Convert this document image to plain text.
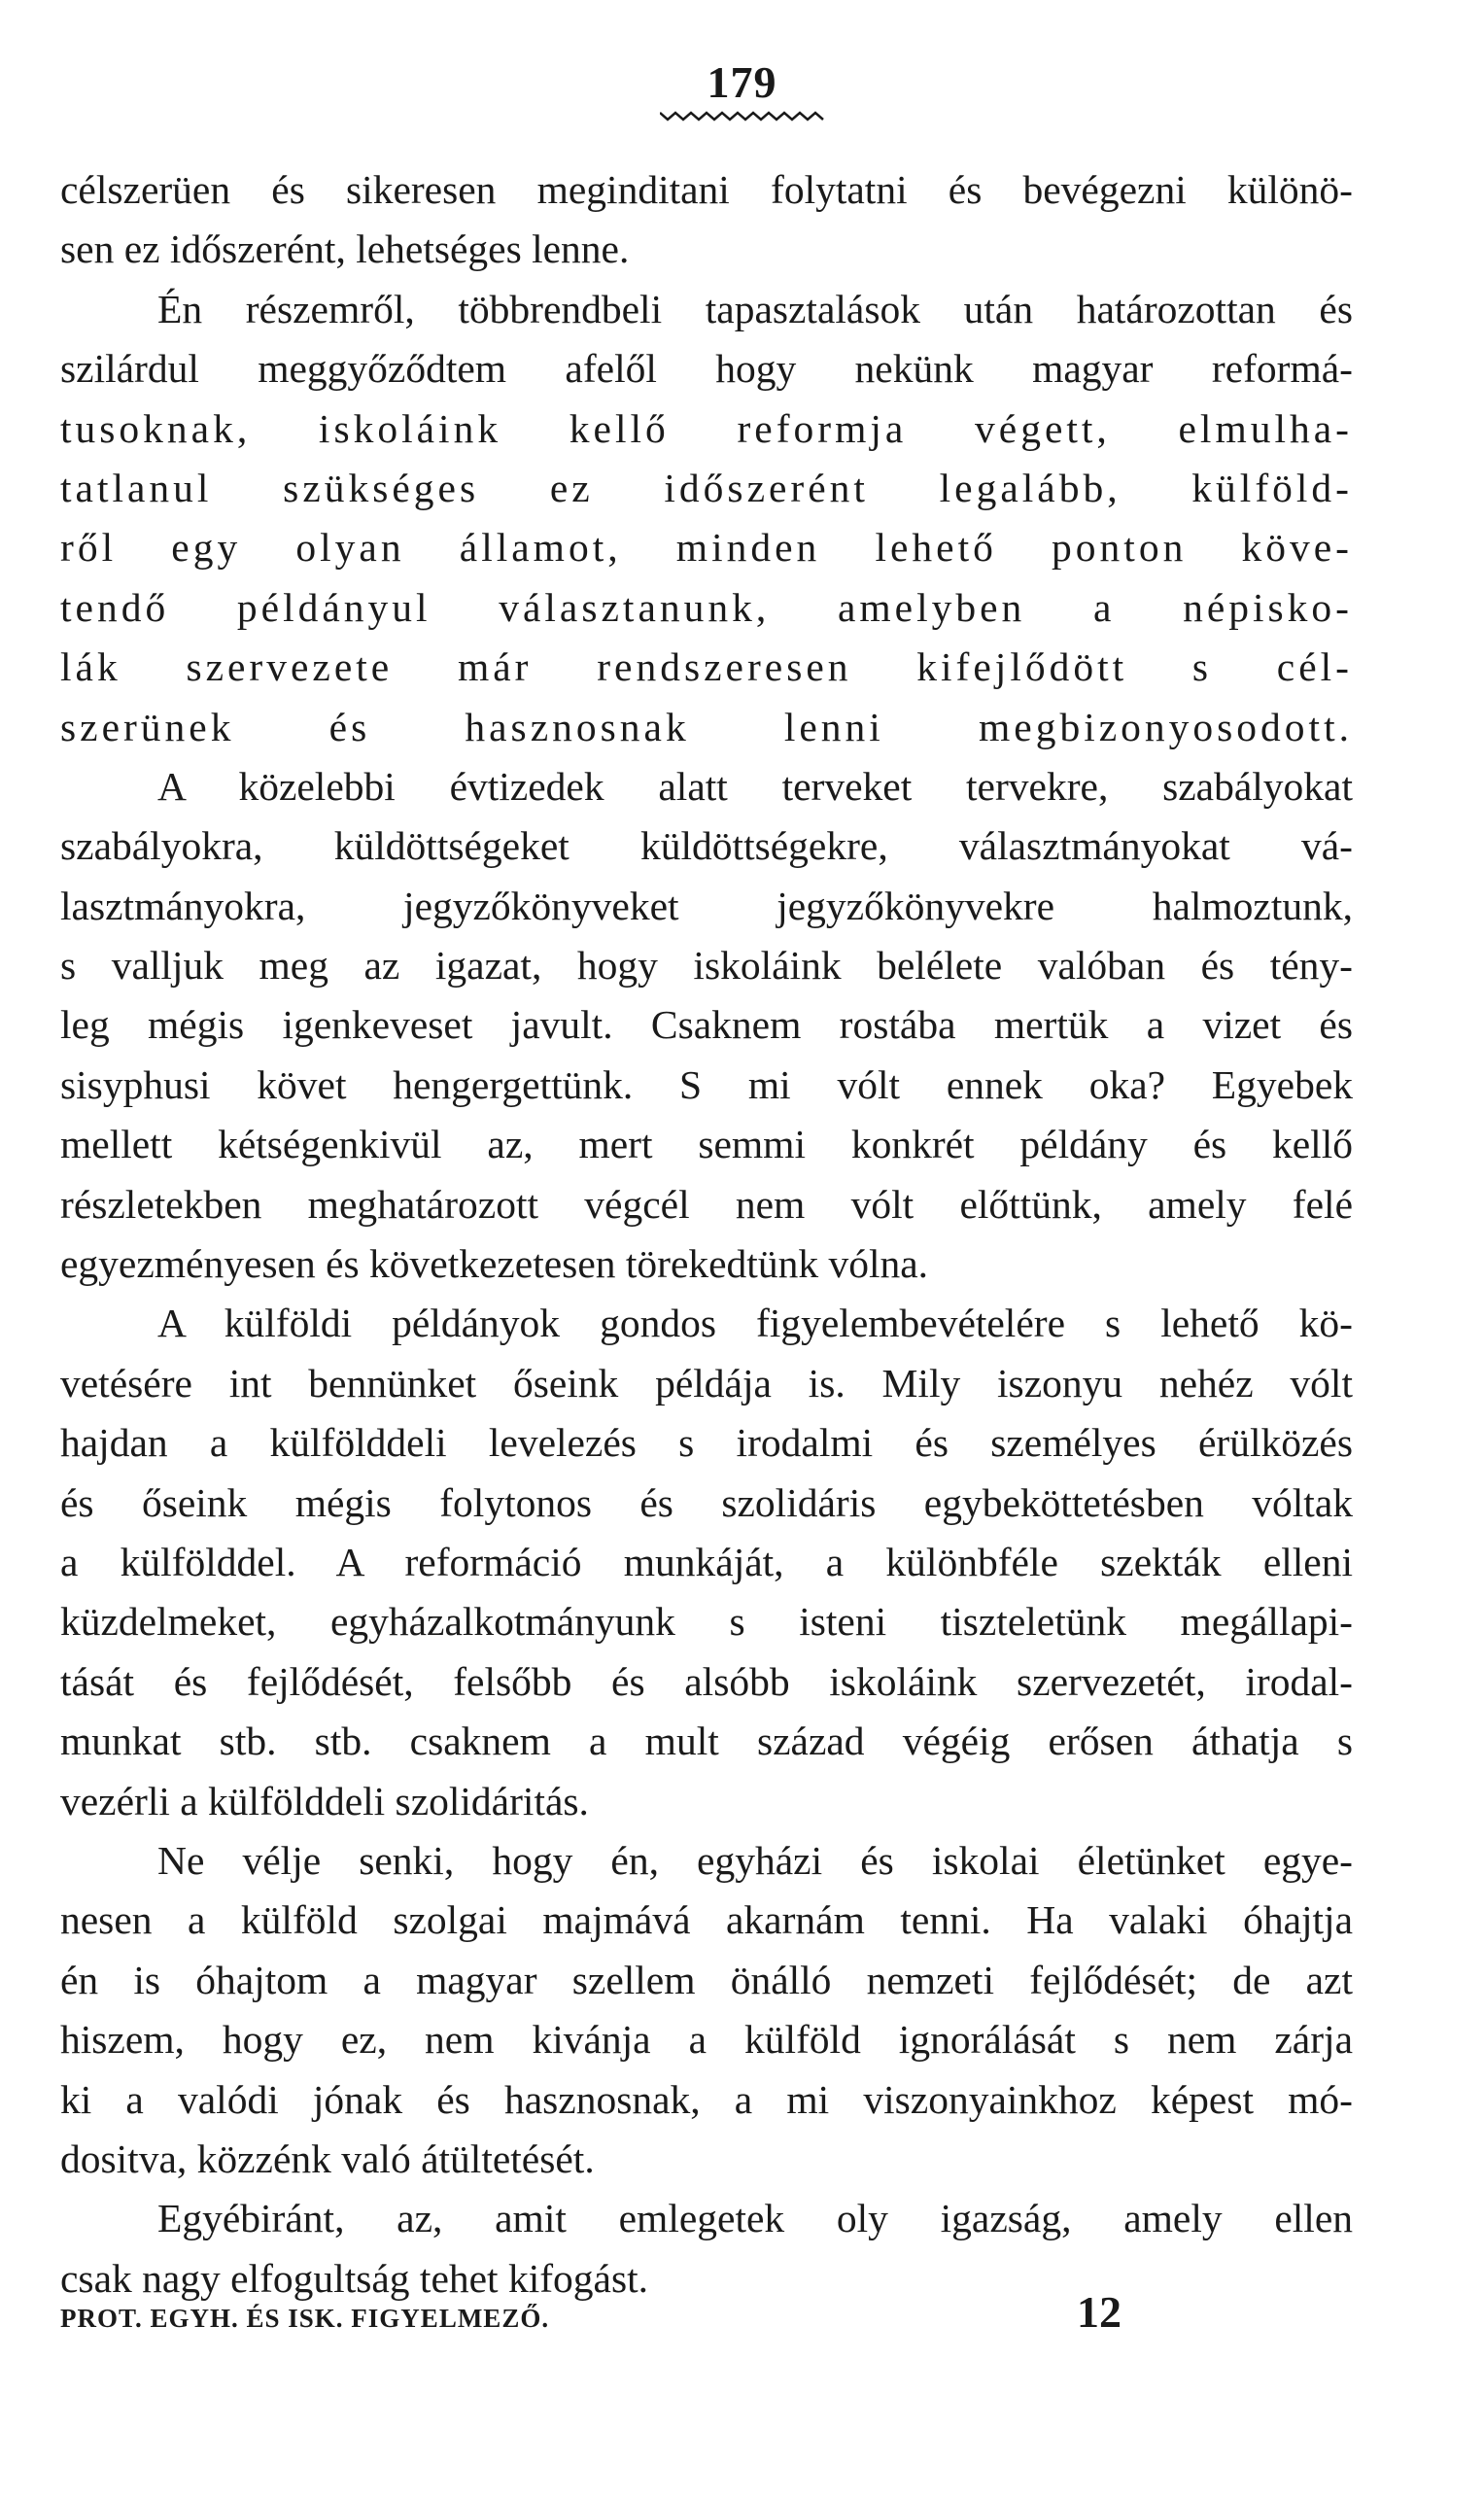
179
célszerüen és sikeresen meginditani folytatni és bevégezni különö-
sen ez időszerént, lehetséges lenne.
Én részemről, többrendbeli tapasztalások után határozottan és
szilárdul meggyőződtem afelől hogy nekünk magyar reformá-
tusoknak, iskoláink kellő reformja végett, elmulha-
tatlanul szükséges ez időszerént legalább, külföld-
ről egy olyan államot, minden lehető ponton köve-
tendő példányul választanunk, amelyben a népisko-
lák szervezete már rendszeresen kifejlődött s cél-
szerünek és hasznosnak lenni megbizonyosodott.
A közelebbi évtizedek alatt terveket tervekre, szabályokat
szabályokra, küldöttségeket küldöttségekre, választmányokat vá-
lasztmányokra, jegyzőkönyveket jegyzőkönyvekre halmoztunk,
s valljuk meg az igazat, hogy iskoláink belélete valóban és tény-
leg mégis igenkeveset javult. Csaknem rostába mertük a vizet és
sisyphusi követ hengergettünk. S mi vólt ennek oka? Egyebek
mellett kétségenkivül az, mert semmi konkrét példány és kellő
részletekben meghatározott végcél nem vólt előttünk, amely felé
egyezményesen és következetesen törekedtünk vólna.
A külföldi példányok gondos figyelembevételére s lehető kö-
vetésére int bennünket őseink példája is. Mily iszonyu nehéz vólt
hajdan a külfölddeli levelezés s irodalmi és személyes érülközés
és őseink mégis folytonos és szolidáris egybeköttetésben vóltak
a külfölddel. A reformáció munkáját, a különbféle szekták elleni
küzdelmeket, egyházalkotmányunk s isteni tiszteletünk megállapi-
tását és fejlődését, felsőbb és alsóbb iskoláink szervezetét, irodal-
munkat stb. stb. csaknem a mult század végéig erősen áthatja s
vezérli a külfölddeli szolidáritás.
Ne vélje senki, hogy én, egyházi és iskolai életünket egye-
nesen a külföld szolgai majmává akarnám tenni. Ha valaki óhajtja
én is óhajtom a magyar szellem önálló nemzeti fejlődését; de azt
hiszem, hogy ez, nem kivánja a külföld ignorálását s nem zárja
ki a valódi jónak és hasznosnak, a mi viszonyainkhoz képest mó-
dositva, közzénk való átültetését.
Egyébiránt, az, amit emlegetek oly igazság, amely ellen
csak nagy elfogultság tehet kifogást.
PROT. EGYH. ÉS ISK. FIGYELMEZŐ.	12
